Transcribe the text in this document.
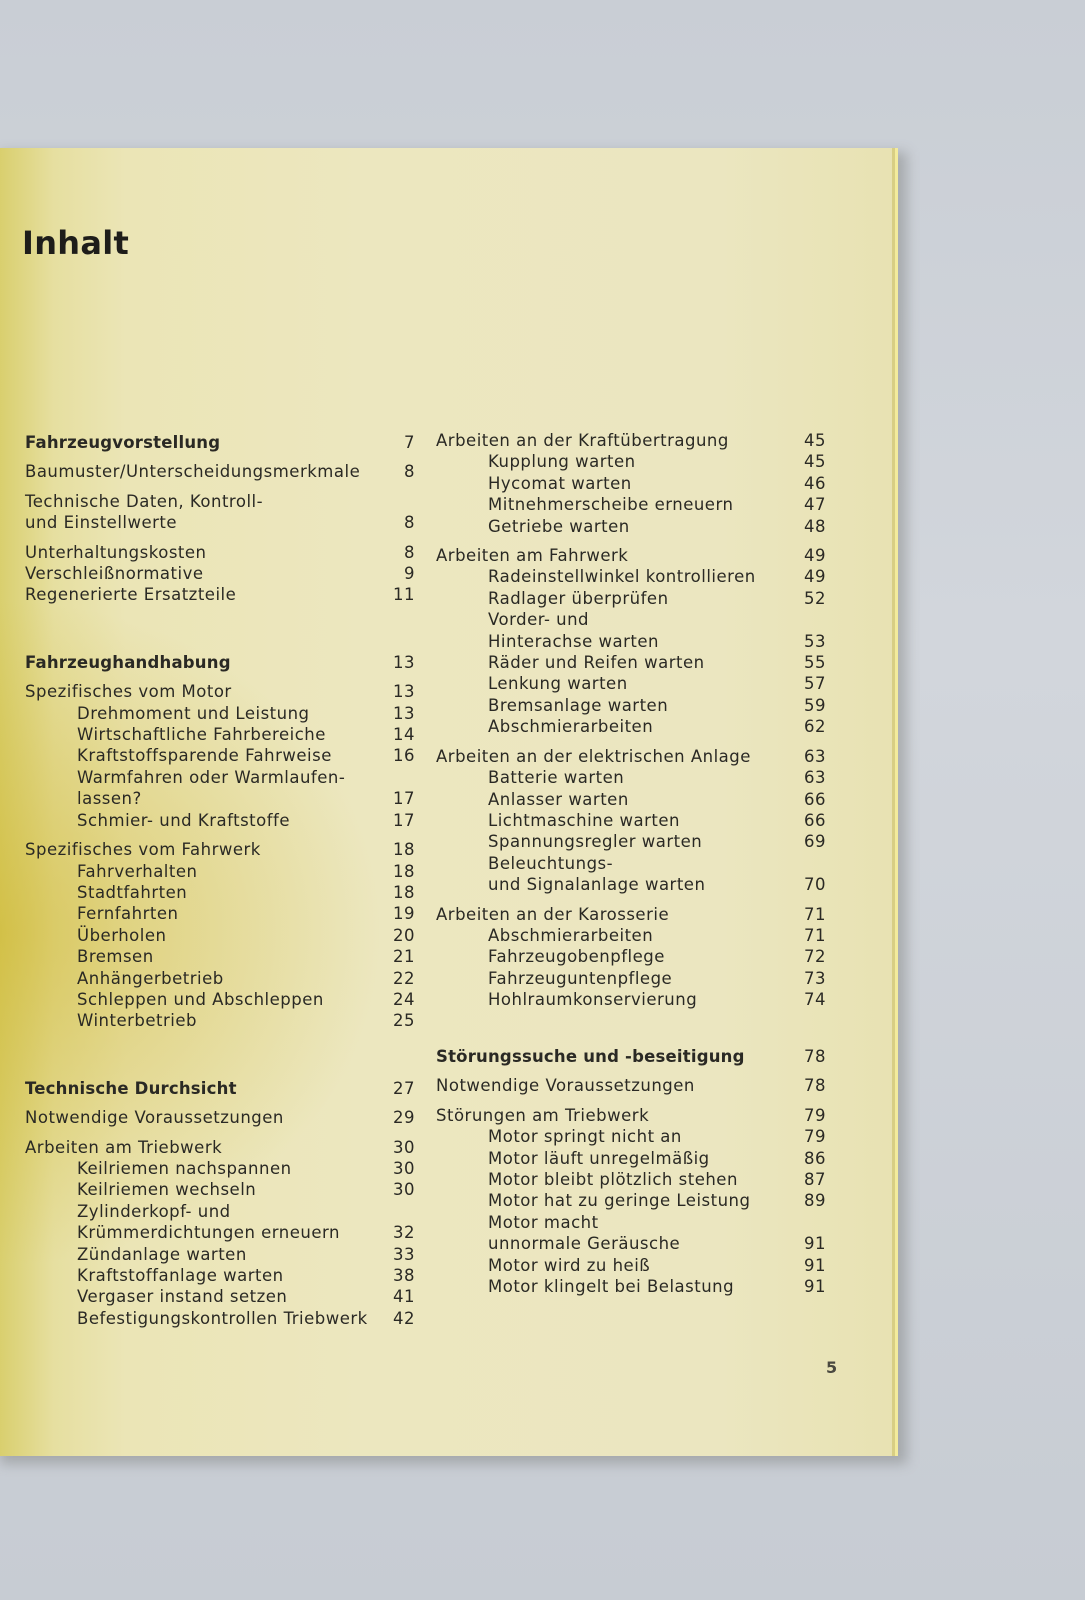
Inhalt
Fahrzeugvorstellung	7
Baumuster/Unterscheidungsmerkmale	8
Technische Daten, Kontroll-
und Einstellwerte	8
Unterhaltungskosten	8
Verschleißnormative	9
Regenerierte Ersatzteile	11
Fahrzeughandhabung	13
Spezifisches vom Motor	13
Drehmoment und Leistung	13
Wirtschaftliche Fahrbereiche	14
Kraftstoffsparende Fahrweise	16
Warmfahren oder Warmlaufen-
lassen?	17
Schmier- und Kraftstoffe	17
Spezifisches vom Fahrwerk	18
Fahrverhalten	18
Stadtfahrten	18
Fernfahrten	19
Überholen	20
Bremsen	21
Anhängerbetrieb	22
Schleppen und Abschleppen	24
Winterbetrieb	25
Technische Durchsicht	27
Notwendige Voraussetzungen	29
Arbeiten am Triebwerk	30
Keilriemen nachspannen	30
Keilriemen wechseln	30
Zylinderkopf- und
Krümmerdichtungen erneuern	32
Zündanlage warten	33
Kraftstoffanlage warten	38
Vergaser instand setzen	41
Befestigungskontrollen Triebwerk	42
Arbeiten an der Kraftübertragung	45
Kupplung warten	45
Hycomat warten	46
Mitnehmerscheibe erneuern	47
Getriebe warten	48
Arbeiten am Fahrwerk	49
Radeinstellwinkel kontrollieren	49
Radlager überprüfen	52
Vorder- und
Hinterachse warten	53
Räder und Reifen warten	55
Lenkung warten	57
Bremsanlage warten	59
Abschmierarbeiten	62
Arbeiten an der elektrischen Anlage	63
Batterie warten	63
Anlasser warten	66
Lichtmaschine warten	66
Spannungsregler warten	69
Beleuchtungs-
und Signalanlage warten	70
Arbeiten an der Karosserie	71
Abschmierarbeiten	71
Fahrzeugobenpflege	72
Fahrzeuguntenpflege	73
Hohlraumkonservierung	74
Störungssuche und -beseitigung	78
Notwendige Voraussetzungen	78
Störungen am Triebwerk	79
Motor springt nicht an	79
Motor läuft unregelmäßig	86
Motor bleibt plötzlich stehen	87
Motor hat zu geringe Leistung	89
Motor macht
unnormale Geräusche	91
Motor wird zu heiß	91
Motor klingelt bei Belastung	91
5
